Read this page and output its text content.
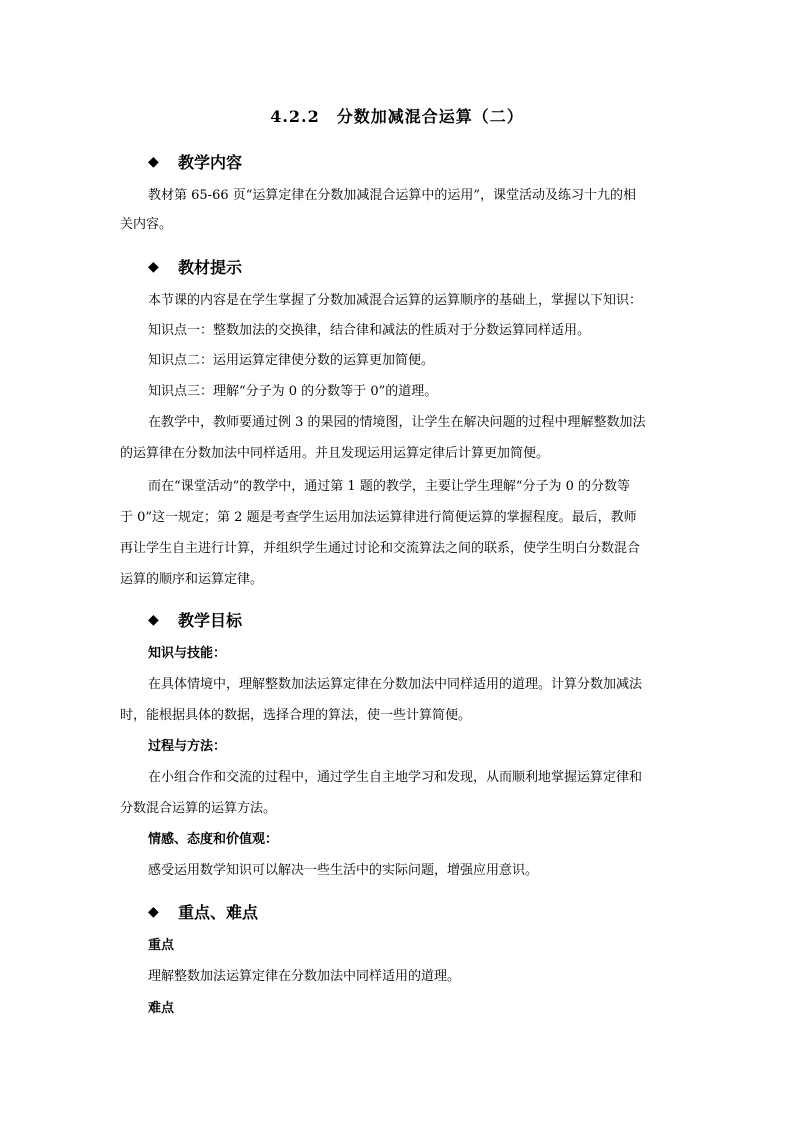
4.2.2　分数加减混合运算（二）
◆	教学内容
教材第 65-66 页“运算定律在分数加减混合运算中的运用”，课堂活动及练习十九的相
关内容。
◆	教材提示
本节课的内容是在学生掌握了分数加减混合运算的运算顺序的基础上，掌握以下知识：
知识点一：整数加法的交换律，结合律和减法的性质对于分数运算同样适用。
知识点二：运用运算定律使分数的运算更加简便。
知识点三：理解“分子为 0 的分数等于 0”的道理。
在教学中，教师要通过例 3 的果园的情境图，让学生在解决问题的过程中理解整数加法
的运算律在分数加法中同样适用。并且发现运用运算定律后计算更加简便。
而在“课堂活动”的教学中，通过第 1 题的教学，主要让学生理解“分子为 0 的分数等
于 0”这一规定；第 2 题是考查学生运用加法运算律进行简便运算的掌握程度。最后，教师
再让学生自主进行计算，并组织学生通过讨论和交流算法之间的联系，使学生明白分数混合
运算的顺序和运算定律。
◆	教学目标
知识与技能：
在具体情境中，理解整数加法运算定律在分数加法中同样适用的道理。计算分数加减法
时，能根据具体的数据，选择合理的算法，使一些计算简便。
过程与方法：
在小组合作和交流的过程中，通过学生自主地学习和发现，从而顺利地掌握运算定律和
分数混合运算的运算方法。
情感、态度和价值观：
感受运用数学知识可以解决一些生活中的实际问题，增强应用意识。
◆	重点、难点
重点
理解整数加法运算定律在分数加法中同样适用的道理。
难点
